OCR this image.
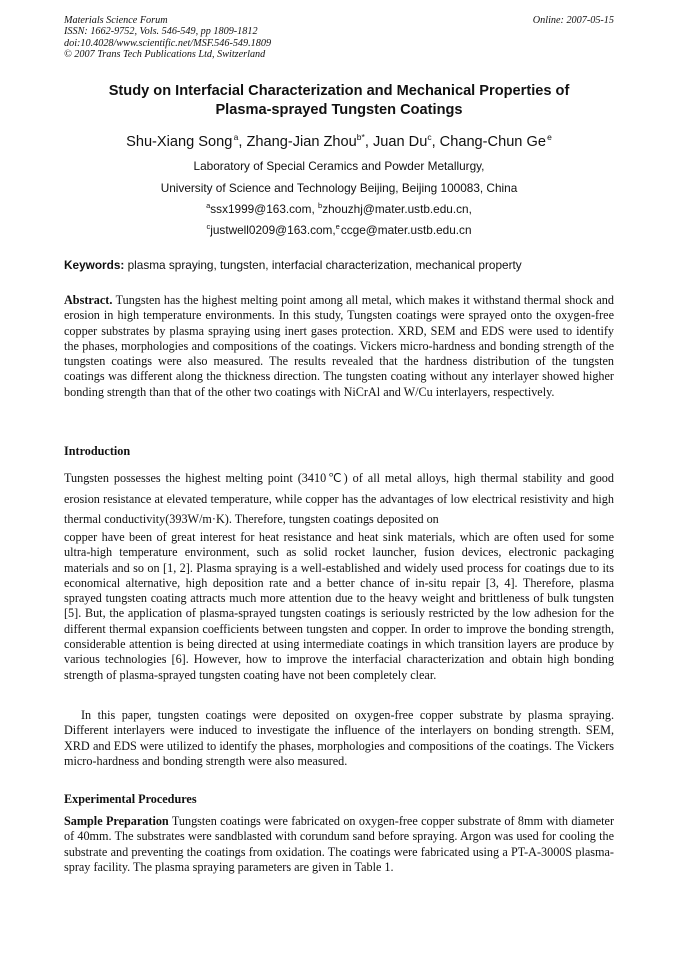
Materials Science Forum
ISSN: 1662-9752, Vols. 546-549, pp 1809-1812
doi:10.4028/www.scientific.net/MSF.546-549.1809
© 2007 Trans Tech Publications Ltd, Switzerland
Online: 2007-05-15
Study on Interfacial Characterization and Mechanical Properties of
Plasma-sprayed Tungsten Coatings
Shu-Xiang Song $^a$, Zhang-Jian Zhou$^{b*}$, Juan Du$^c$, Chang-Chun Ge $^e$
Laboratory of Special Ceramics and Powder Metallurgy,
University of Science and Technology Beijing, Beijing 100083, China
$^a$ssx1999@163.com, $^b$zhouzhj@mater.ustb.edu.cn,
$^c$justwell0209@163.com,$^e$ ccge@mater.ustb.edu.cn
Keywords: plasma spraying, tungsten, interfacial characterization, mechanical property

Abstract. Tungsten has the highest melting point among all metal, which makes it withstand thermal shock and erosion in high temperature environments. In this study, Tungsten coatings were sprayed onto the oxygen-free copper substrates by plasma spraying using inert gases protection. XRD, SEM and EDS were used to identify the phases, morphologies and compositions of the coatings. Vickers micro-hardness and bonding strength of the tungsten coatings were also measured. The results revealed that the hardness distribution of the tungsten coatings was different along the thickness direction. The tungsten coating without any interlayer showed higher bonding strength than that of the other two coatings with NiCrAl and W/Cu interlayers, respectively.

Introduction

Tungsten possesses the highest melting point (3410℃) of all metal alloys, high thermal stability and good erosion resistance at elevated temperature, while copper has the advantages of low electrical resistivity and high thermal conductivity(393W/m·K). Therefore, tungsten coatings deposited on

copper have been of great interest for heat resistance and heat sink materials, which are often used for some ultra-high temperature environment, such as solid rocket launcher, fusion devices, electronic packaging materials and so on [1, 2]. Plasma spraying is a well-established and widely used process for coatings due to its economical alternative, high deposition rate and a better chance of in-situ repair [3, 4]. Therefore, plasma sprayed tungsten coating attracts much more attention due to the heavy weight and brittleness of bulk tungsten [5]. But, the application of plasma-sprayed tungsten coatings is seriously restricted by the low adhesion for the different thermal expansion coefficients between tungsten and copper. In order to improve the bonding strength, considerable attention is being directed at using intermediate coatings in which transition layers are produce by various technologies [6]. However, how to improve the interfacial characterization and obtain high bonding strength of plasma-sprayed tungsten coating have not been completely clear.

In this paper, tungsten coatings were deposited on oxygen-free copper substrate by plasma spraying. Different interlayers were induced to investigate the influence of the interlayers on bonding strength. SEM, XRD and EDS were utilized to identify the phases, morphologies and compositions of the coatings. The Vickers micro-hardness and bonding strength were also measured.

Experimental Procedures

Sample Preparation Tungsten coatings were fabricated on oxygen-free copper substrate of 8mm with diameter of 40mm. The substrates were sandblasted with corundum sand before spraying. Argon was used for cooling the substrate and preventing the coatings from oxidation. The coatings were fabricated using a PT-A-3000S plasma-spray facility. The plasma spraying parameters are given in Table 1.
